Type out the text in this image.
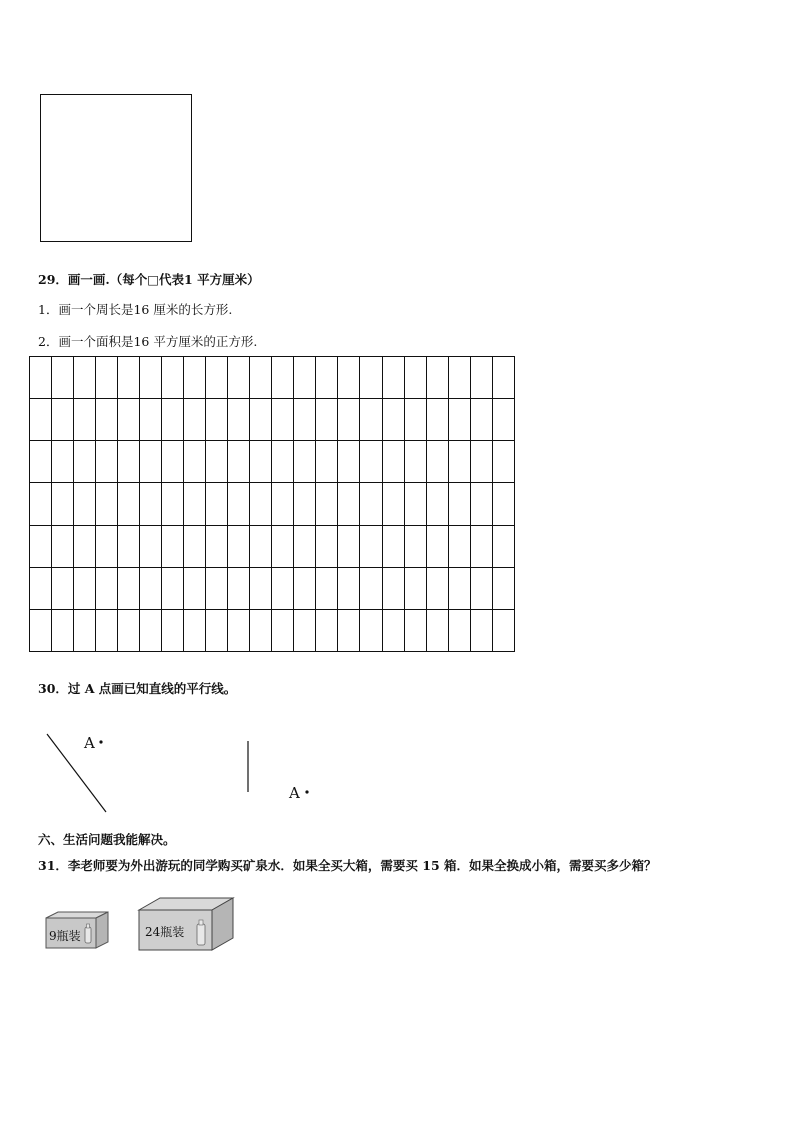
29．画一画.（每个□代表1 平方厘米）
1．画一个周长是16 厘米的长方形.
2．画一个面积是16 平方厘米的正方形.

30．过 A 点画已知直线的平行线。
A
A
六、生活问题我能解决。
31．李老师要为外出游玩的同学购买矿泉水．如果全买大箱，需要买 15 箱．如果全换成小箱，需要买多少箱？
9瓶装	24瓶装
